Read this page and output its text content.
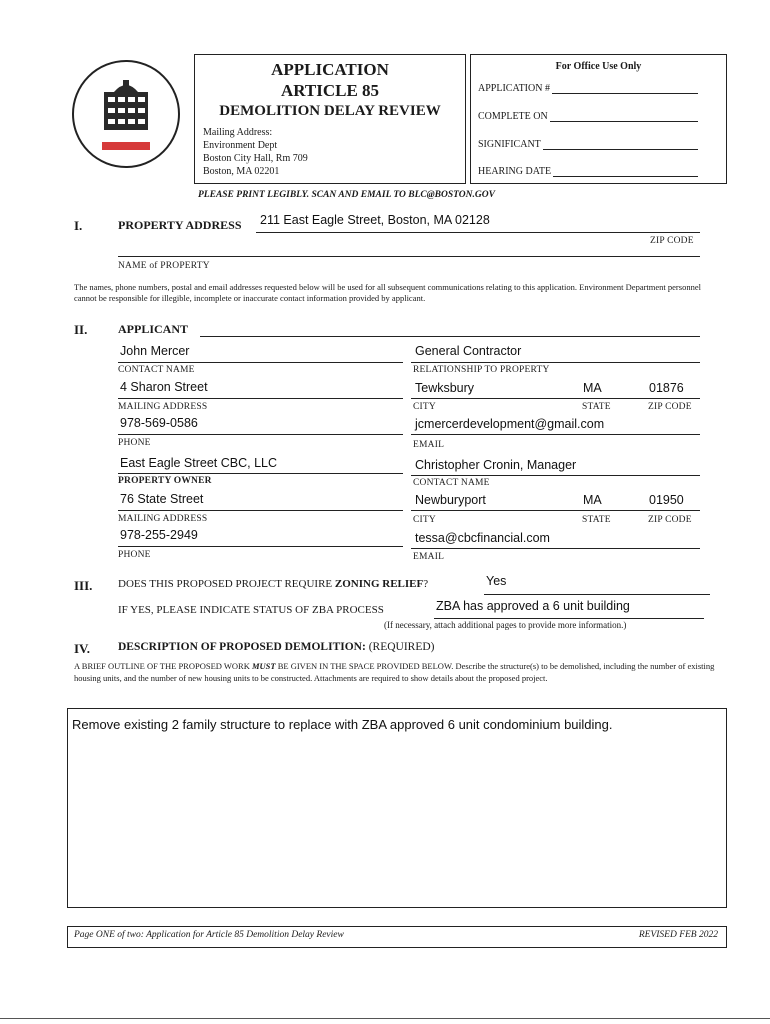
APPLICATION
ARTICLE 85
DEMOLITION DELAY REVIEW
Mailing Address:
Environment Dept
Boston City Hall, Rm 709
Boston, MA 02201
For Office Use Only
APPLICATION #
COMPLETE ON
SIGNIFICANT
HEARING DATE
PLEASE PRINT LEGIBLY. SCAN AND EMAIL TO BLC@BOSTON.GOV
I.	PROPERTY ADDRESS 211 East Eagle Street, Boston, MA 02128
ZIP CODE
NAME of PROPERTY
The names, phone numbers, postal and email addresses requested below will be used for all subsequent communications relating to this application. Environment Department personnel cannot be responsible for illegible, incomplete or inaccurate contact information provided by applicant.
II.	APPLICANT
John Mercer	General Contractor
CONTACT NAME	RELATIONSHIP TO PROPERTY
4 Sharon Street	Tewksbury	MA	01876
MAILING ADDRESS	CITY	STATE	ZIP CODE
978-569-0586	jcmercerdevelopment@gmail.com
PHONE	EMAIL
East Eagle Street CBC, LLC	Christopher Cronin, Manager
PROPERTY OWNER	CONTACT NAME
76 State Street	Newburyport	MA	01950
MAILING ADDRESS	CITY	STATE	ZIP CODE
978-255-2949	tessa@cbcfinancial.com
PHONE	EMAIL
III. DOES THIS PROPOSED PROJECT REQUIRE ZONING RELIEF?	Yes
IF YES, PLEASE INDICATE STATUS OF ZBA PROCESS	ZBA has approved a 6 unit building
(If necessary, attach additional pages to provide more information.)
IV. DESCRIPTION OF PROPOSED DEMOLITION: (REQUIRED)
A BRIEF OUTLINE OF THE PROPOSED WORK MUST BE GIVEN IN THE SPACE PROVIDED BELOW. Describe the structure(s) to be demolished, including the number of existing housing units, and the number of new housing units to be constructed. Attachments are required to show details about the proposed project.
Remove existing 2 family structure to replace with ZBA approved 6 unit condominium building.
Page ONE of two: Application for Article 85 Demolition Delay Review	REVISED FEB 2022
